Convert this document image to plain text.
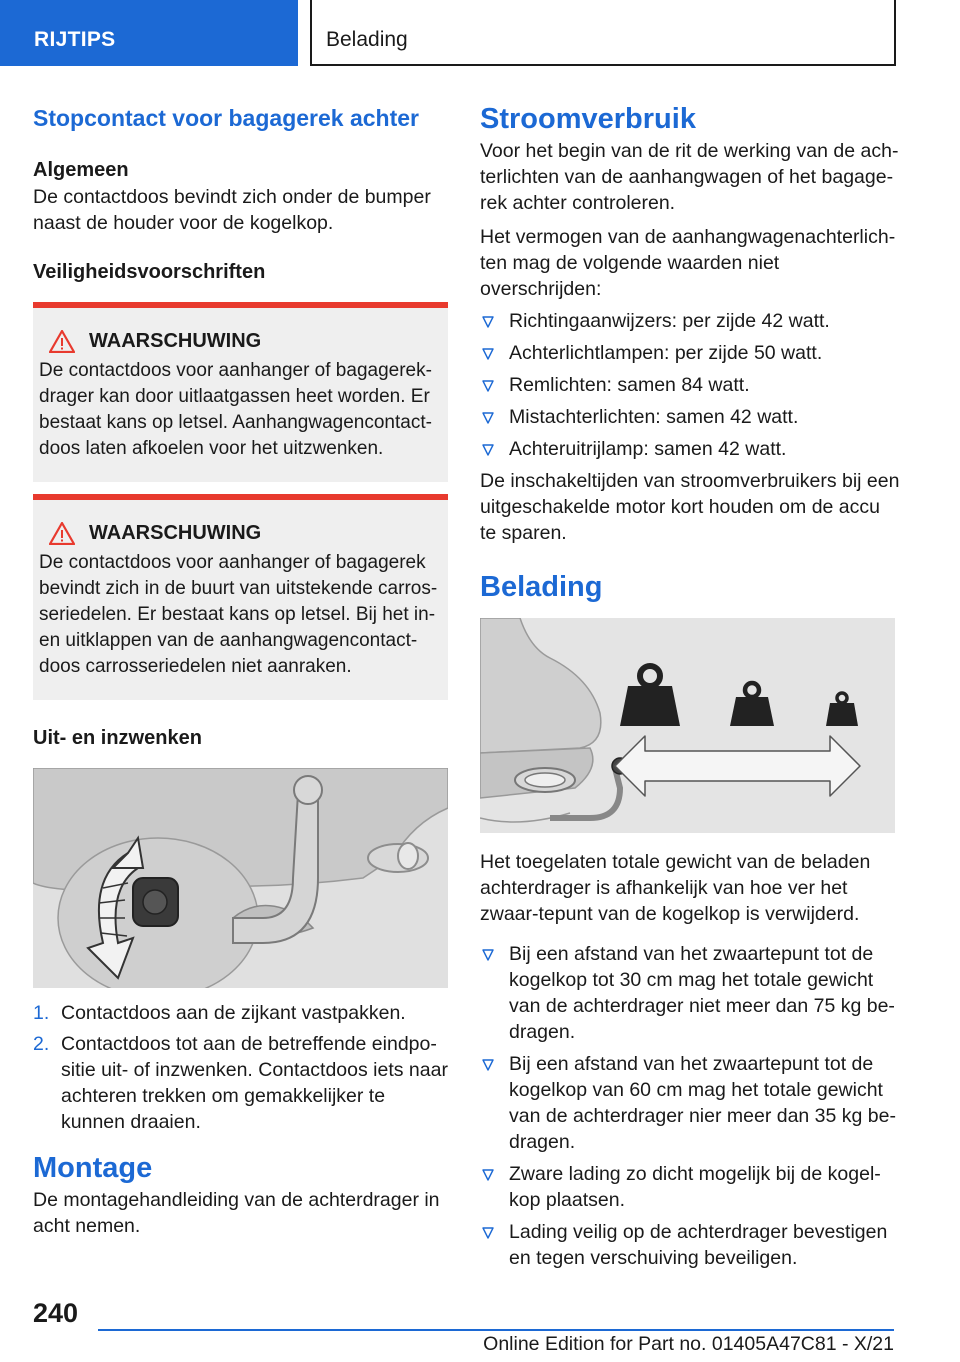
RIJTIPS	Belading
Stopcontact voor bagagerek achter
Algemeen

De contactdoos bevindt zich onder de bumper naast de houder voor de kogelkop.

Veiligheidsvoorschriften
WAARSCHUWING

De contactdoos voor aanhanger of bagagerek-drager kan door uitlaatgassen heet worden. Er bestaat kans op letsel. Aanhangwagencontact-doos laten afkoelen voor het uitzwenken.

WAARSCHUWING

De contactdoos voor aanhanger of bagagerek bevindt zich in de buurt van uitstekende carros-seriedelen. Er bestaat kans op letsel. Bij het in- en uitklappen van de aanhangwagencontact-doos carrosseriedelen niet aanraken.

Uit- en inzwenken
1. Contactdoos aan de zijkant vastpakken.
2. Contactdoos tot aan de betreffende eindpo-sitie uit- of inzwenken. Contactdoos iets naar achteren trekken om gemakkelijker te kunnen draaien.
Montage

De montagehandleiding van de achterdrager in acht nemen.

Stroomverbruik

Voor het begin van de rit de werking van de ach-terlichten van de aanhangwagen of het bagage-rek achter controleren.

Het vermogen van de aanhangwagenachterlich-ten mag de volgende waarden niet overschrijden:

Richtingaanwijzers: per zijde 42 watt.
Achterlichtlampen: per zijde 50 watt.
Remlichten: samen 84 watt.
Mistachterlichten: samen 42 watt.
Achteruitrijlamp: samen 42 watt.

De inschakeltijden van stroomverbruikers bij een uitgeschakelde motor kort houden om de accu te sparen.

Belading

Het toegelaten totale gewicht van de beladen achterdrager is afhankelijk van hoe ver het zwaar-tepunt van de kogelkop is verwijderd.

Bij een afstand van het zwaartepunt tot de kogelkop tot 30 cm mag het totale gewicht van de achterdrager niet meer dan 75 kg be-dragen.
Bij een afstand van het zwaartepunt tot de kogelkop van 60 cm mag het totale gewicht van de achterdrager nier meer dan 35 kg be-dragen.
Zware lading zo dicht mogelijk bij de kogel-kop plaatsen.
Lading veilig op de achterdrager bevestigen en tegen verschuiving beveiligen.
240
Online Edition for Part no. 01405A47C81 - X/21
